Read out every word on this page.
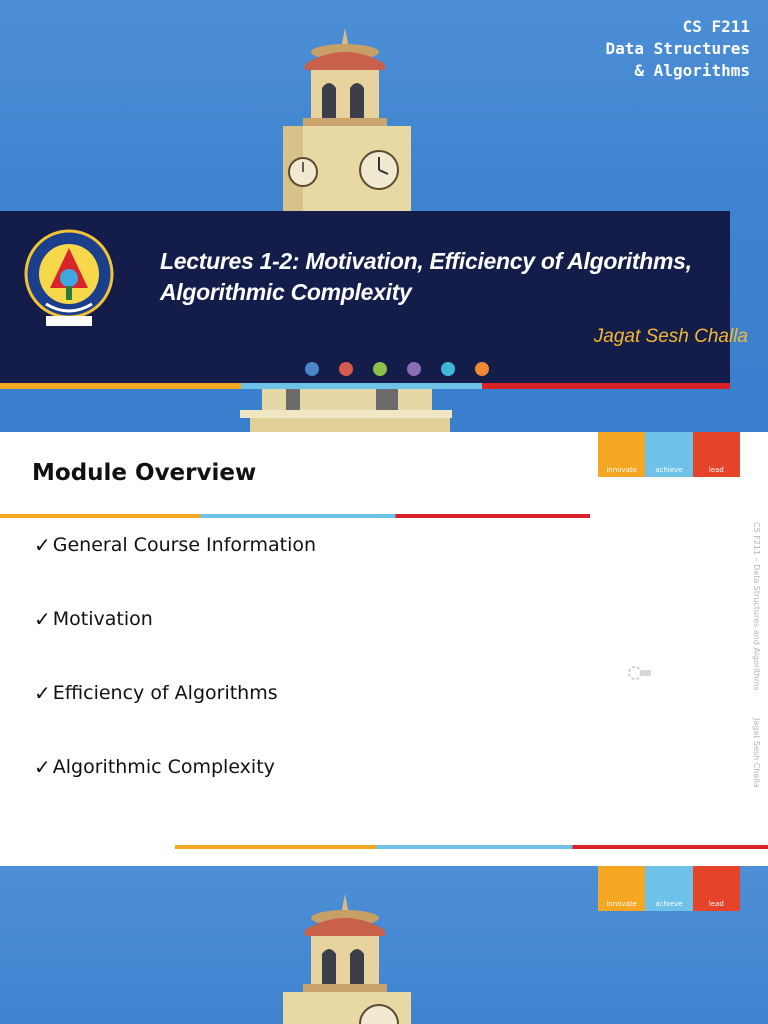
CS F211
Data Structures
& Algorithms
Lectures 1-2: Motivation, Efficiency of Algorithms,
Algorithmic Complexity
Jagat Sesh Challa
Module Overview
✓ General Course Information
✓ Motivation
✓ Efficiency of Algorithms
✓ Algorithmic Complexity
innovate	achieve	lead
CS F211 – Data Structures and Algorithms
Jagat Sesh Challa
innovate	achieve	lead
